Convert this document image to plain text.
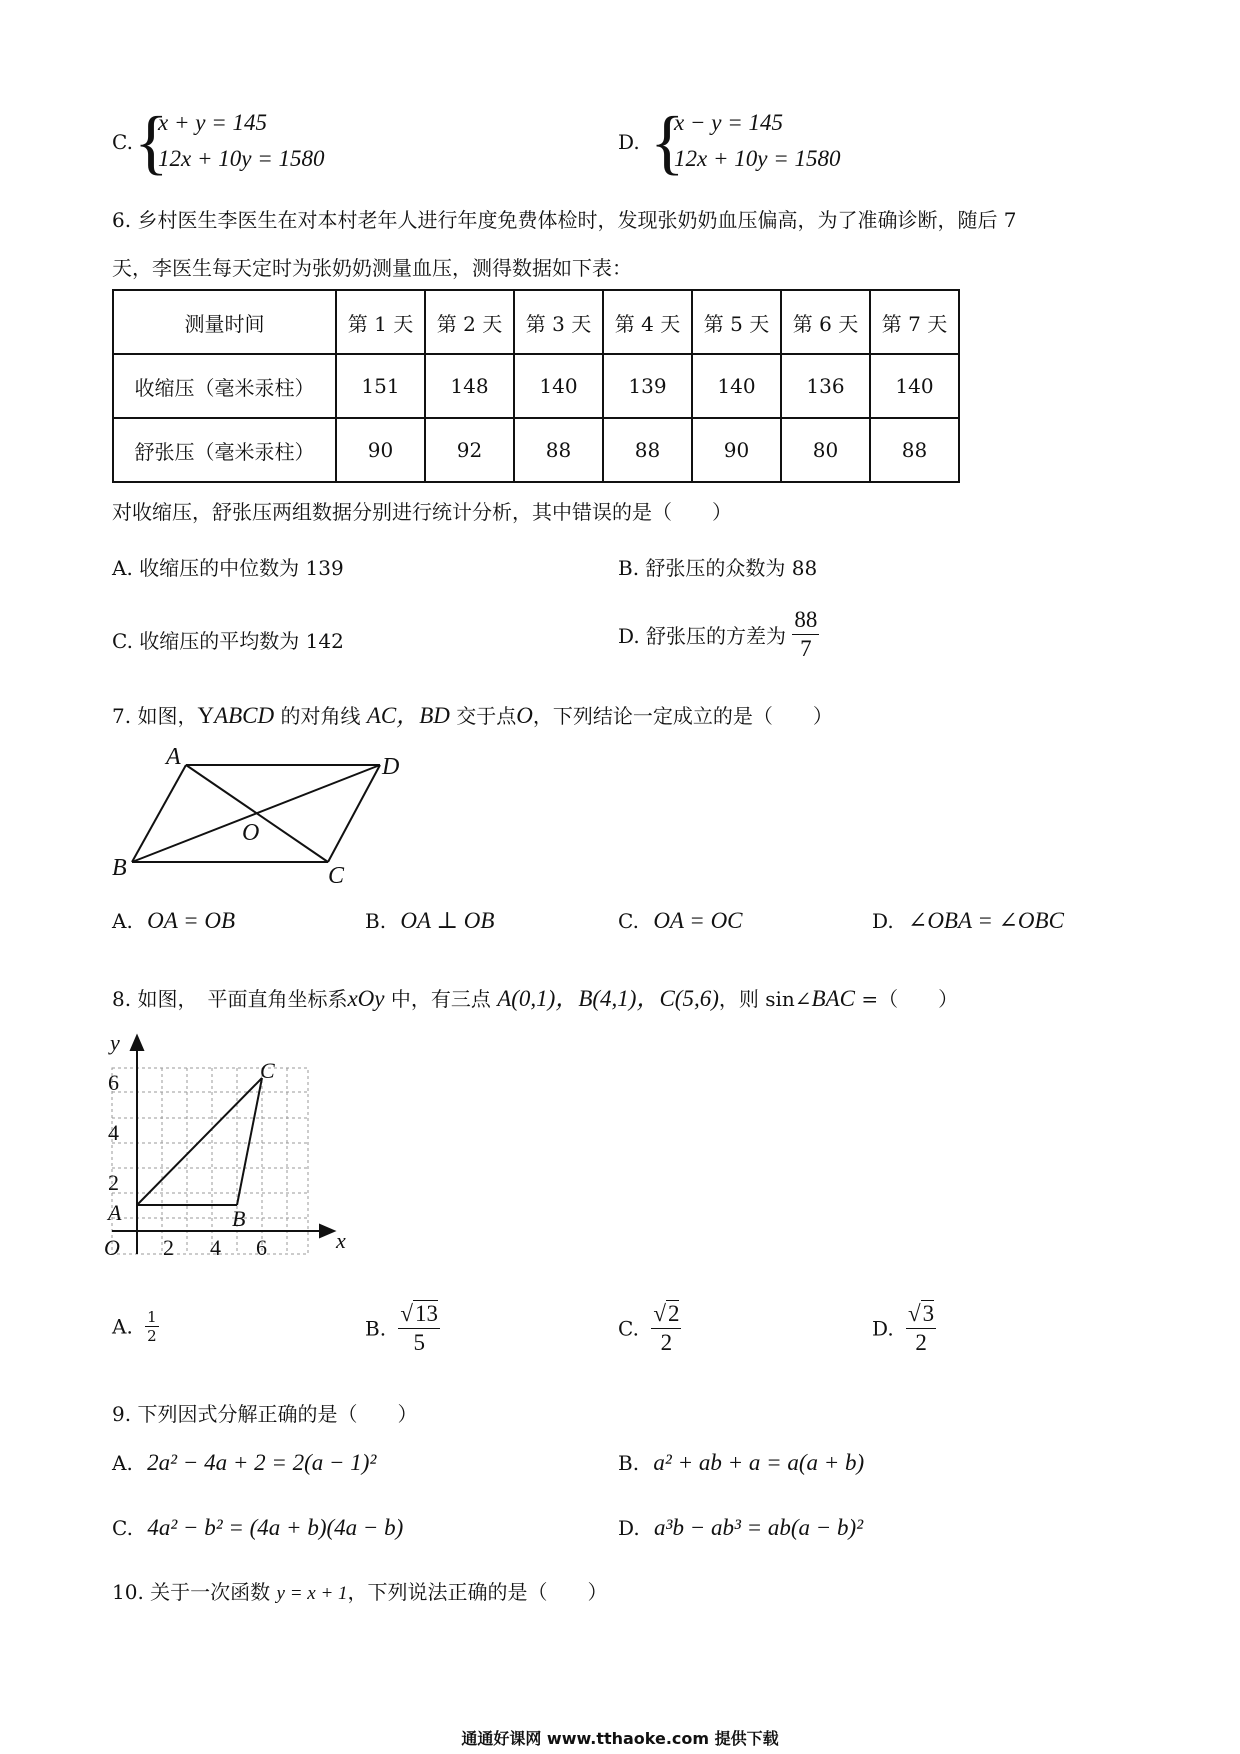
C. {
x + y = 145
12x + 10y = 1580
D. {
x − y = 145
12x + 10y = 1580
6. 乡村医生李医生在对本村老年人进行年度免费体检时，发现张奶奶血压偏高，为了准确诊断，随后 7
天，李医生每天定时为张奶奶测量血压，测得数据如下表：
测量时间	第 1 天	第 2 天	第 3 天	第 4 天	第 5 天	第 6 天	第 7 天
收缩压（毫米汞柱）	151	148	140	139	140	136	140
舒张压（毫米汞柱）	90	92	88	88	90	80	88
对收缩压，舒张压两组数据分别进行统计分析，其中错误的是（　　）
A. 收缩压的中位数为 139	B. 舒张压的众数为 88
C. 收缩压的平均数为 142	D. 舒张压的方差为 $\frac{88}{7}$
7. 如图，YABCD 的对角线 AC，BD 交于点O，下列结论一定成立的是（　　）
A	D
B	C
O
A. OA = OB	B. OA ⊥ OB	C. OA = OC	D. ∠OBA = ∠OBC
8. 如图，　平面直角坐标系xOy 中，有三点 A(0,1)，B(4,1)，C(5,6)，则 sin∠BAC =（　　）
y
x
O
2
4
6
2 4 6
A	B
C
A. $\frac{1}{2}$	B. $\frac{√13}{5}$	C. $\frac{√2}{2}$	D. $\frac{√3}{2}$
9. 下列因式分解正确的是（　　）
A. 2a² − 4a + 2 = 2(a − 1)²	B. a² + ab + a = a(a + b)
C. 4a² − b² = (4a + b)(4a − b)	D. a³b − ab³ = ab(a − b)²
10. 关于一次函数 y = x + 1，下列说法正确的是（　　）
通通好课网 www.tthaoke.com 提供下载
